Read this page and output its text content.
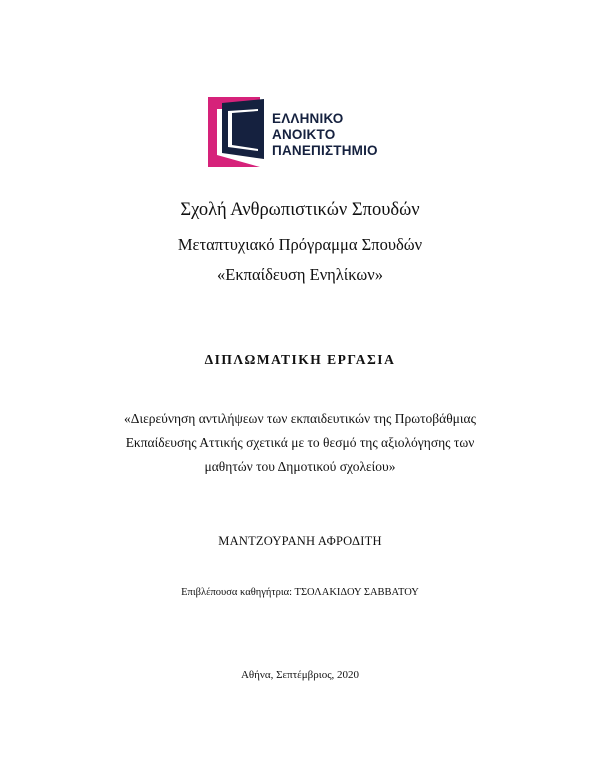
ΕΛΛΗΝΙΚΟ
ΑΝΟΙΚΤΟ
ΠΑΝΕΠΙΣΤΗΜΙΟ
Σχολή Ανθρωπιστικών Σπουδών
Μεταπτυχιακό Πρόγραμμα Σπουδών
«Εκπαίδευση Ενηλίκων»
ΔΙΠΛΩΜΑΤΙΚΗ ΕΡΓΑΣΙΑ
«Διερεύνηση αντιλήψεων των εκπαιδευτικών της Πρωτοβάθμιας
Εκπαίδευσης Αττικής σχετικά με το θεσμό της αξιολόγησης των
μαθητών του Δημοτικού σχολείου»
ΜΑΝΤΖΟΥΡΑΝΗ ΑΦΡΟΔΙΤΗ
Επιβλέπουσα καθηγήτρια: ΤΣΟΛΑΚΙΔΟΥ ΣΑΒΒΑΤΟΥ
Αθήνα, Σεπτέμβριος, 2020
